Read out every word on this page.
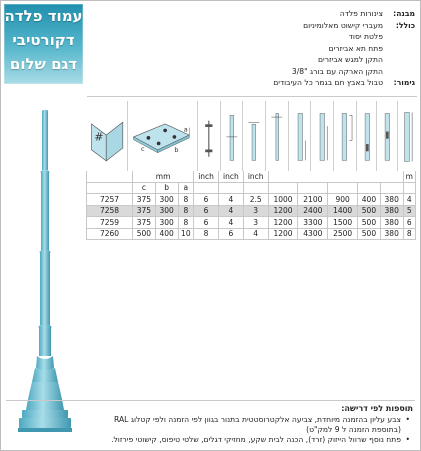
עמוד פלדה
דקורטיבי
דגם שלום
מבנה:
צינורות פלדה
כולל:
מעברי קישוט מאלומיניום
פלטת יסוד
פתח תא אביזרים
התקן למגש אביזרים
התקן הארקה עם בורג "3/8
גימור:
טבול באבץ חם בגמר כל העיבודים
#
a
c	b
	mm			inch	inch	inch						m
	c	b	a									
7257	375	300	8	6	4	2.5	1000	2100	900	400	380	4
7258	375	300	8	6	4	3	1200	2400	1400	500	380	5
7259	375	300	8	6	4	3	1200	3300	1500	500	380	6
7260	500	400	10	8	6	4	1200	4300	2500	500	380	8
תוספות לפי דרישה:
• צבע עליון בהזמנה מיוחדת, צביעה אלקטרוסטטית בתנור בגוון לפי הזמנה ולפי קטלוג RAL
(בתוספת הזמנה ל 9 למק"ט)
• פתח נוסף שרוול הייזוק (זרד), הכנה לבית שקע, מחזיקי דגלים, שלטי טיפוס, קישוטי פירזול.
